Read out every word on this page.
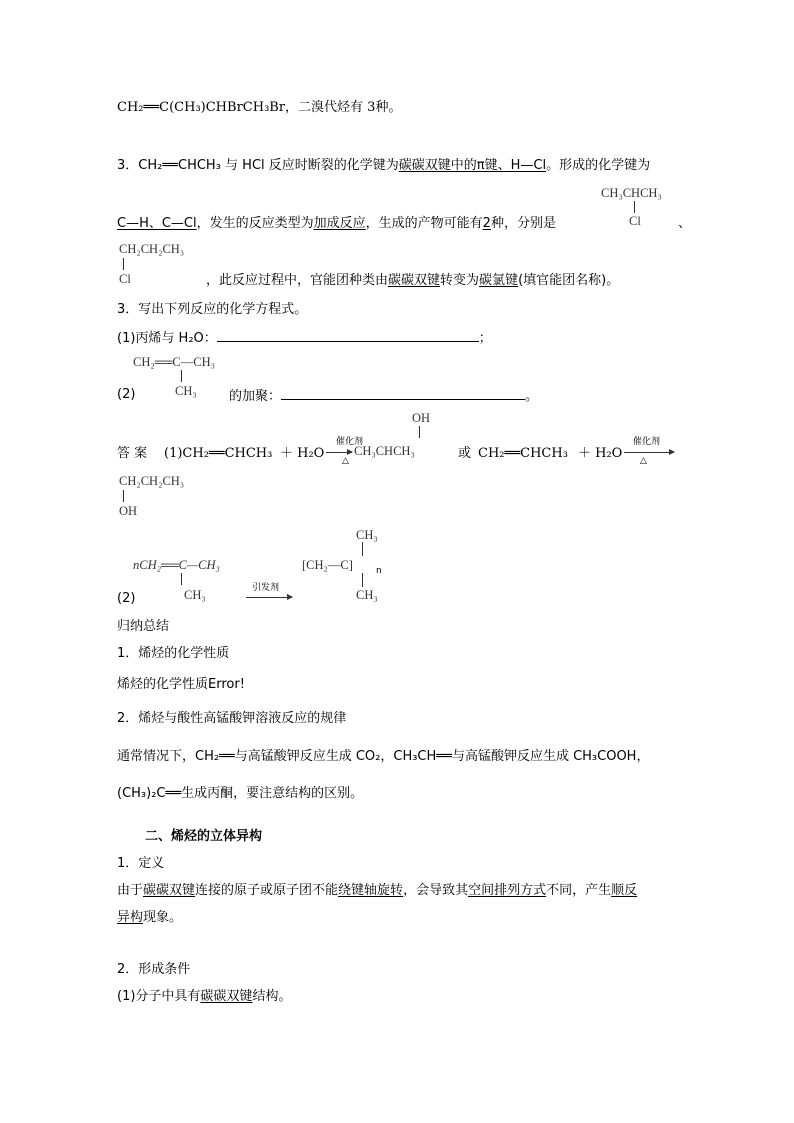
CH₂══C(CH₃)CHBrCH₃Br，二溴代烃有 3种。
3．CH₂══CHCH₃ 与 HCl 反应时断裂的化学键为碳碳双键中的π键、H—Cl。形成的化学键为
CH₃CHCH₃
Cl
C—H、C—Cl，发生的反应类型为加成反应，生成的产物可能有2种，分别是	、
CH₂CH₂CH₃
Cl	，此反应过程中，官能团种类由碳碳双键转变为碳氯键(填官能团名称)。
3．写出下列反应的化学方程式。
(1)丙烯与 H₂O：	；
CH₂══C—CH₃
CH₃
(2)	的加聚：	。
OH
答 案 (1)CH₂══CHCH₃ ＋ H₂O
催化剂
△
CH₃CHCH₃	或 CH₂══CHCH₃ ＋ H₂O
催化剂
△
CH₂CH₂CH₃
OH
CH₃
nCH₂══C—CH₃	[CH₂—C]	n
(2)	CH₃	引发剂	CH₃
归纳总结
1．烯烃的化学性质
烯烃的化学性质Error!
2．烯烃与酸性高锰酸钾溶液反应的规律
通常情况下，CH₂══与高锰酸钾反应生成 CO₂，CH₃CH══与高锰酸钾反应生成 CH₃COOH，
(CH₃)₂C══生成丙酮，要注意结构的区别。
二、烯烃的立体异构
1．定义
由于碳碳双键连接的原子或原子团不能绕键轴旋转，会导致其空间排列方式不同，产生顺反
异构现象。
2．形成条件
(1)分子中具有碳碳双键结构。
